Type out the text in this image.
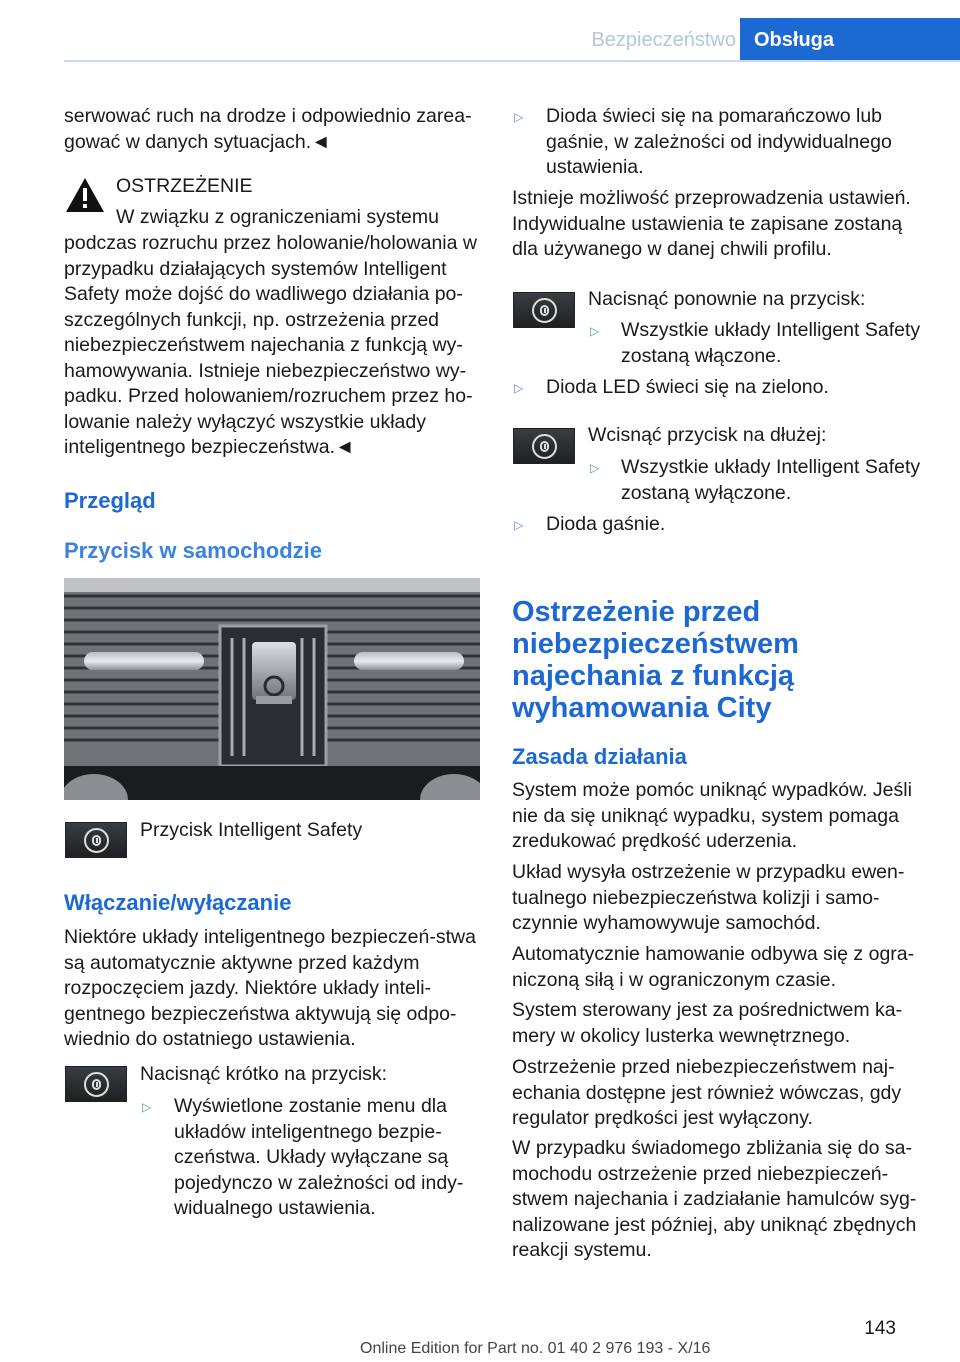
Bezpieczeństwo Obsługa

serwować ruch na drodze i odpowiednio zarea-gować w danych sytuacjach.◄

OSTRZEŻENIE

W związku z ograniczeniami systemu

podczas rozruchu przez holowanie/holowania w przypadku działających systemów Intelligent Safety może dojść do wadliwego działania po-szczególnych funkcji, np. ostrzeżenia przed niebezpieczeństwem najechania z funkcją wy-hamowywania. Istnieje niebezpieczeństwo wy-padku. Przed holowaniem/rozruchem przez ho-lowanie należy wyłączyć wszystkie układy inteligentnego bezpieczeństwa.◄

Przegląd
Przycisk w samochodzie

Przycisk Intelligent Safety

Włączanie/wyłączanie

Niektóre układy inteligentnego bezpieczeń-stwa są automatycznie aktywne przed każdym rozpoczęciem jazdy. Niektóre układy inteli-gentnego bezpieczeństwa aktywują się odpo-wiednio do ostatniego ustawienia.

Nacisnąć krótko na przycisk:

▷ Wyświetlone zostanie menu dla układów inteligentnego bezpie-czeństwa. Układy wyłączane są pojedynczo w zależności od indy-widualnego ustawienia.

▷ Dioda świeci się na pomarańczowo lub gaśnie, w zależności od indywidualnego ustawienia.

Istnieje możliwość przeprowadzenia ustawień. Indywidualne ustawienia te zapisane zostaną dla używanego w danej chwili profilu.

Nacisnąć ponownie na przycisk:

▷ Wszystkie układy Intelligent Safety zostaną włączone.

▷ Dioda LED świeci się na zielono.

Wcisnąć przycisk na dłużej:

▷ Wszystkie układy Intelligent Safety zostaną wyłączone.

▷ Dioda gaśnie.

Ostrzeżenie przed niebezpieczeństwem najechania z funkcją wyhamowania City
Zasada działania

System może pomóc uniknąć wypadków. Jeśli nie da się uniknąć wypadku, system pomaga zredukować prędkość uderzenia.

Układ wysyła ostrzeżenie w przypadku ewen-tualnego niebezpieczeństwa kolizji i samo-czynnie wyhamowywuje samochód.

Automatycznie hamowanie odbywa się z ogra-niczoną siłą i w ograniczonym czasie.

System sterowany jest za pośrednictwem ka-mery w okolicy lusterka wewnętrznego.

Ostrzeżenie przed niebezpieczeństwem naj-echania dostępne jest również wówczas, gdy regulator prędkości jest wyłączony.

W przypadku świadomego zbliżania się do sa-mochodu ostrzeżenie przed niebezpieczeń-stwem najechania i zadziałanie hamulców syg-nalizowane jest później, aby uniknąć zbędnych reakcji systemu.

143
Online Edition for Part no. 01 40 2 976 193 - X/16
